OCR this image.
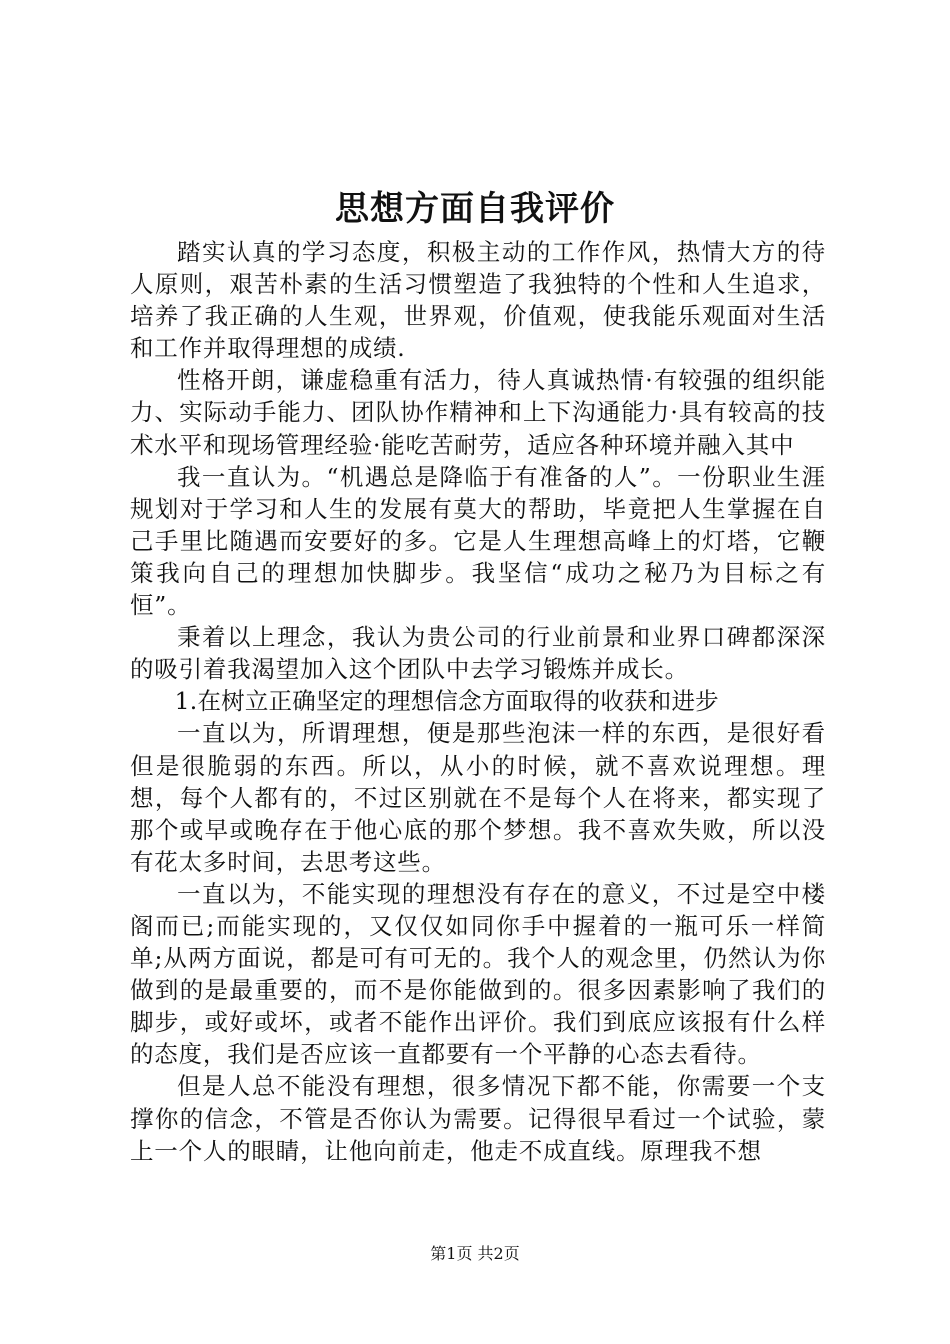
思想方面自我评价

踏实认真的学习态度，积极主动的工作作风，热情大方的待人原则，艰苦朴素的生活习惯塑造了我独特的个性和人生追求，培养了我正确的人生观，世界观，价值观，使我能乐观面对生活和工作并取得理想的成绩.

性格开朗，谦虚稳重有活力，待人真诚热情·有较强的组织能力、实际动手能力、团队协作精神和上下沟通能力·具有较高的技术水平和现场管理经验·能吃苦耐劳，适应各种环境并融入其中

我一直认为。“机遇总是降临于有准备的人”。一份职业生涯规划对于学习和人生的发展有莫大的帮助，毕竟把人生掌握在自己手里比随遇而安要好的多。它是人生理想高峰上的灯塔，它鞭策我向自己的理想加快脚步。我坚信“成功之秘乃为目标之有恒”。

秉着以上理念，我认为贵公司的行业前景和业界口碑都深深的吸引着我渴望加入这个团队中去学习锻炼并成长。

1.在树立正确坚定的理想信念方面取得的收获和进步

一直以为，所谓理想，便是那些泡沫一样的东西，是很好看但是很脆弱的东西。所以，从小的时候，就不喜欢说理想。理想，每个人都有的，不过区别就在不是每个人在将来，都实现了那个或早或晚存在于他心底的那个梦想。我不喜欢失败，所以没有花太多时间，去思考这些。

一直以为，不能实现的理想没有存在的意义，不过是空中楼阁而已;而能实现的，又仅仅如同你手中握着的一瓶可乐一样简单;从两方面说，都是可有可无的。我个人的观念里，仍然认为你做到的是最重要的，而不是你能做到的。很多因素影响了我们的脚步，或好或坏，或者不能作出评价。我们到底应该报有什么样的态度，我们是否应该一直都要有一个平静的心态去看待。

但是人总不能没有理想，很多情况下都不能，你需要一个支撑你的信念，不管是否你认为需要。记得很早看过一个试验，蒙上一个人的眼睛，让他向前走，他走不成直线。原理我不想

第1页 共2页
